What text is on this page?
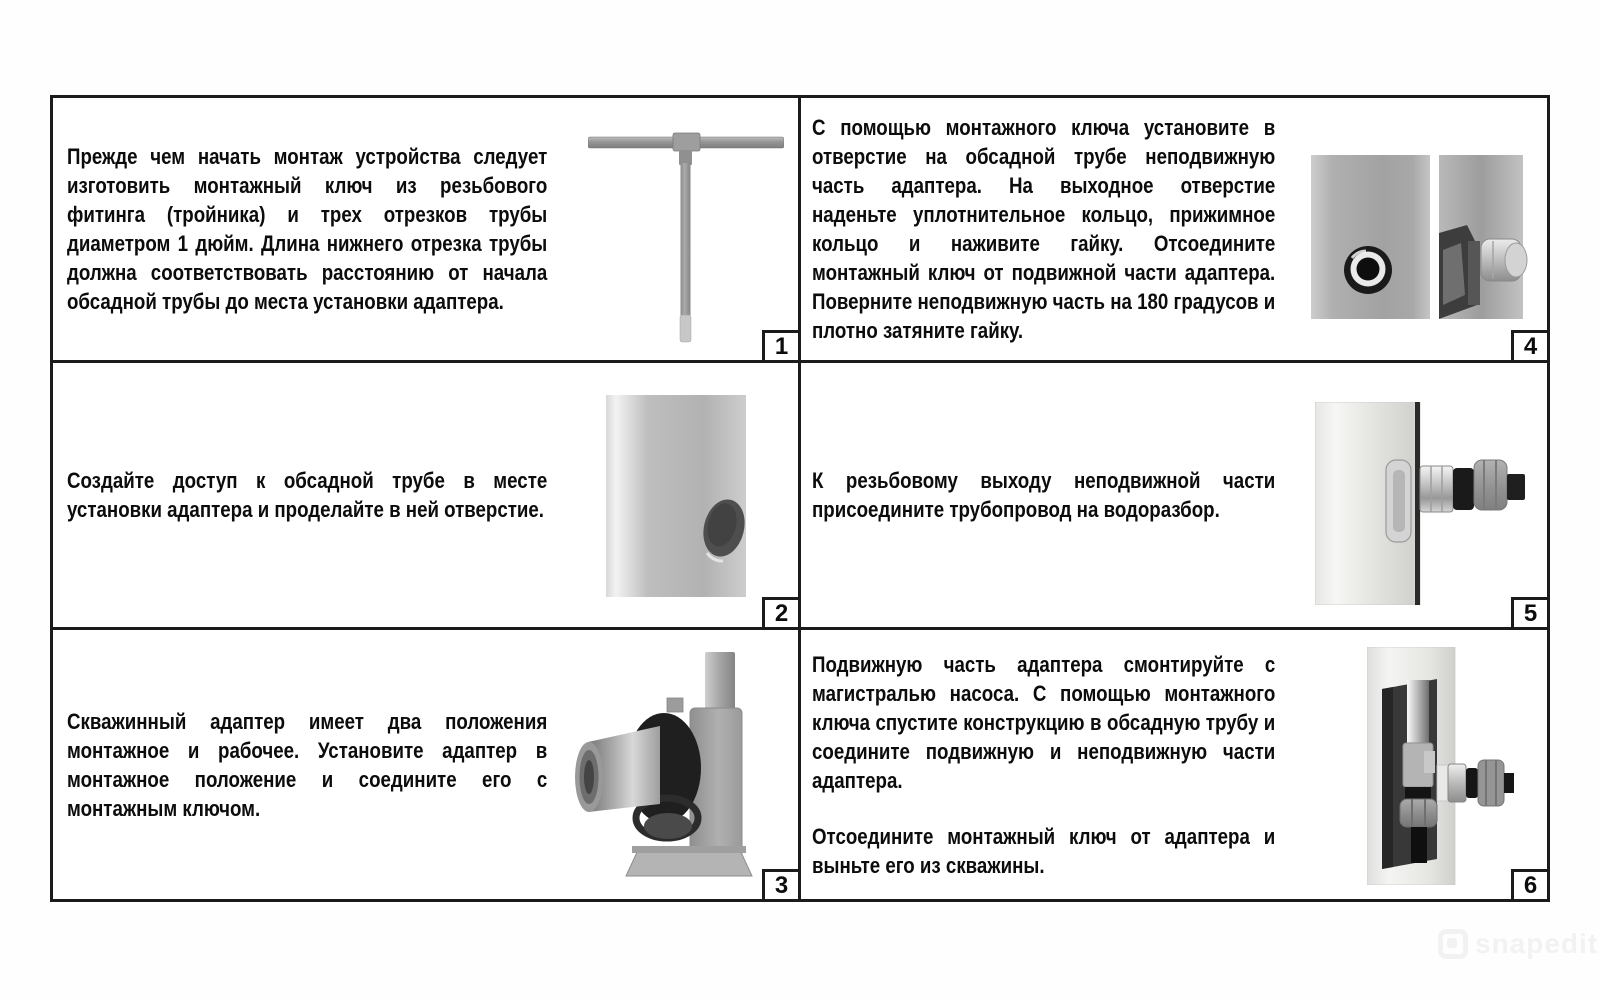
Прежде чем начать монтаж устройства следует изготовить монтажный ключ из резьбового фитинга (тройника) и трех отрезков трубы диаметром 1 дюйм. Длина нижнего отрезка трубы должна соответствовать расстоянию от начала обсадной трубы до места установки адаптера.

1

С помощью монтажного ключа установите в отверстие на обсадной трубе неподвижную часть адаптера. На выходное отверстие наденьте уплотнительное кольцо, прижимное кольцо и наживите гайку. Отсоедините монтажный ключ от подвижной части адаптера. Поверните неподвижную часть на 180 градусов и плотно затяните гайку.

4

Создайте доступ к обсадной трубе в месте установки адаптера и проделайте в ней отверстие.

2

К резьбовому выходу неподвижной части присоедините трубопровод на водоразбор.

5

Скважинный адаптер имеет два положения монтажное и рабочее. Установите адаптер в монтажное положение и соедините его с монтажным ключом.

3

Подвижную часть адаптера смонтируйте с магистралью насоса. С помощью монтажного ключа спустите конструкцию в обсадную трубу и соедините подвижную и неподвижную части адаптера.

Отсоедините монтажный ключ от адаптера и выньте его из скважины.

6
snapedit
